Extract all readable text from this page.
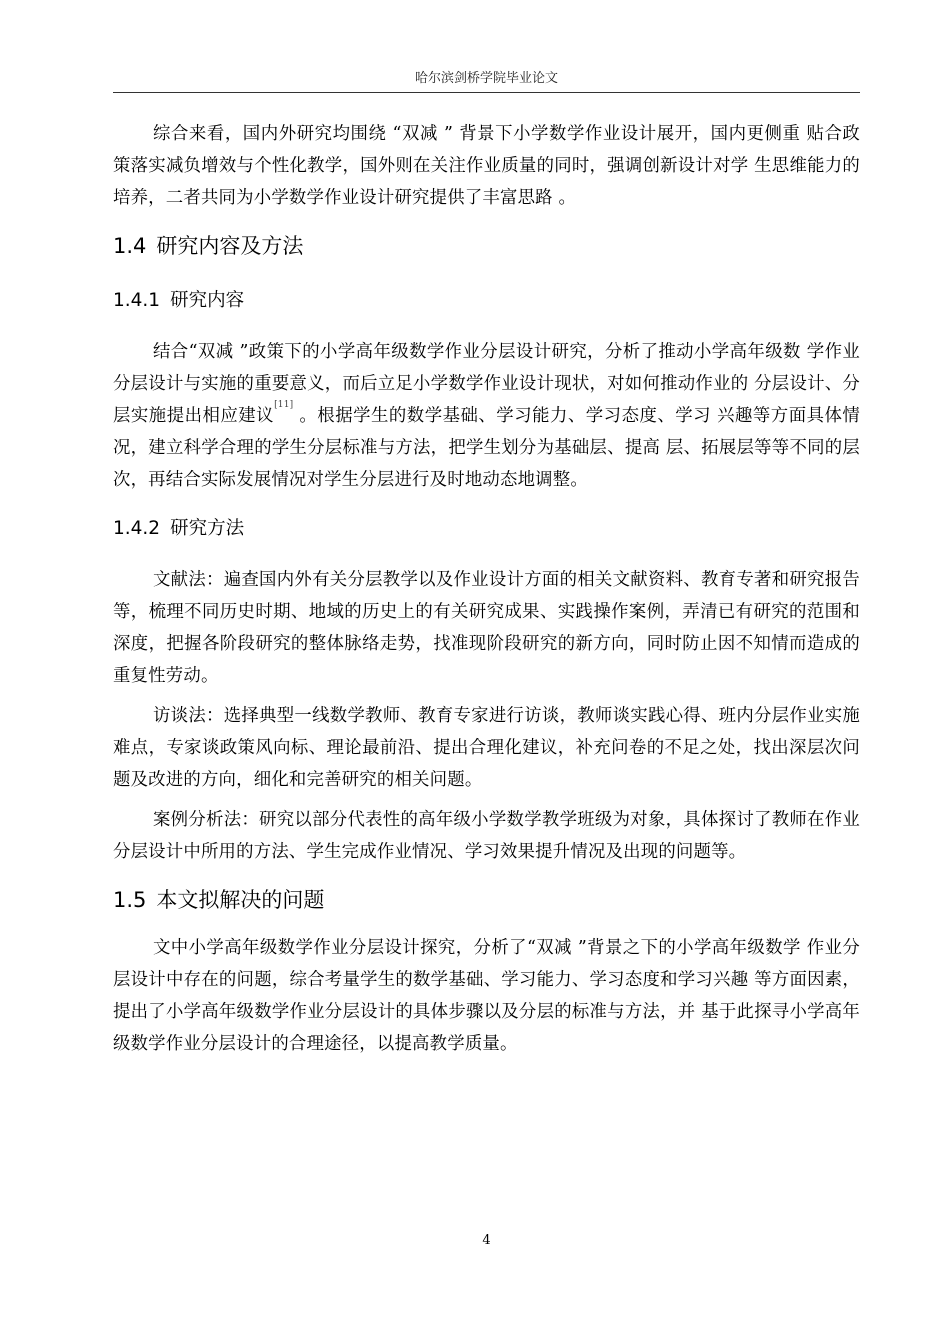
哈尔滨剑桥学院毕业论文

综合来看，国内外研究均围绕 “双减 ” 背景下小学数学作业设计展开，国内更侧重 贴合政策落实减负增效与个性化教学，国外则在关注作业质量的同时，强调创新设计对学 生思维能力的培养，二者共同为小学数学作业设计研究提供了丰富思路 。

1.4 研究内容及方法
1.4.1 研究内容

结合“双减 ”政策下的小学高年级数学作业分层设计研究，分析了推动小学高年级数 学作业分层设计与实施的重要意义，而后立足小学数学作业设计现状，对如何推动作业的 分层设计、分层实施提出相应建议[11] 。根据学生的数学基础、学习能力、学习态度、学习 兴趣等方面具体情况，建立科学合理的学生分层标准与方法，把学生划分为基础层、提高 层、拓展层等等不同的层次，再结合实际发展情况对学生分层进行及时地动态地调整。

1.4.2 研究方法

文献法：遍查国内外有关分层教学以及作业设计方面的相关文献资料、教育专著和研究报告等，梳理不同历史时期、地域的历史上的有关研究成果、实践操作案例，弄清已有研究的范围和深度，把握各阶段研究的整体脉络走势，找准现阶段研究的新方向，同时防止因不知情而造成的重复性劳动。

访谈法：选择典型一线数学教师、教育专家进行访谈，教师谈实践心得、班内分层作业实施难点，专家谈政策风向标、理论最前沿、提出合理化建议，补充问卷的不足之处，找出深层次问题及改进的方向，细化和完善研究的相关问题。

案例分析法：研究以部分代表性的高年级小学数学教学班级为对象，具体探讨了教师在作业分层设计中所用的方法、学生完成作业情况、学习效果提升情况及出现的问题等。

1.5 本文拟解决的问题

文中小学高年级数学作业分层设计探究，分析了“双减 ”背景之下的小学高年级数学 作业分层设计中存在的问题，综合考量学生的数学基础、学习能力、学习态度和学习兴趣 等方面因素，提出了小学高年级数学作业分层设计的具体步骤以及分层的标准与方法，并 基于此探寻小学高年级数学作业分层设计的合理途径，以提高教学质量。

4
